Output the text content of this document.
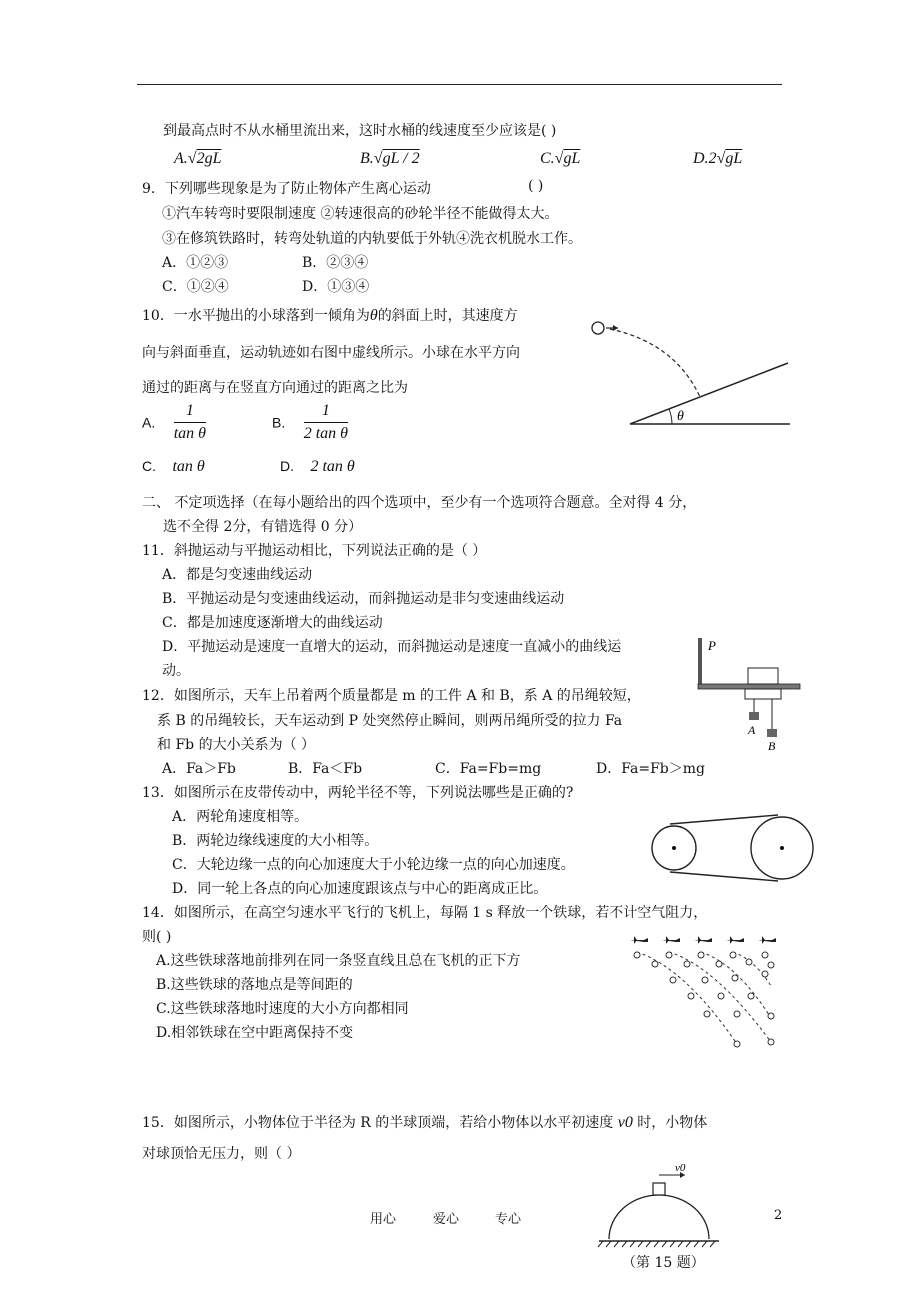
到最高点时不从水桶里流出来，这时水桶的线速度至少应该是( )
A.√2gL	B.√gL / 2	C.√gL	D.2√gL
9．下列哪些现象是为了防止物体产生离心运动	( )
①汽车转弯时要限制速度 ②转速很高的砂轮半径不能做得太大。
③在修筑铁路时，转弯处轨道的内轨要低于外轨④洗衣机脱水工作。
A．①②③	B．②③④
C．①②④	D．①③④
10．一水平抛出的小球落到一倾角为θ的斜面上时，其速度方
向与斜面垂直，运动轨迹如右图中虚线所示。小球在水平方向
通过的距离与在竖直方向通过的距离之比为
A. $\frac{1}{\text{tan θ}}$	B. $\frac{1}{\text{2 tan θ}}$
C. tan θ	D. 2 tan θ
θ
二、 不定项选择（在每小题给出的四个选项中，至少有一个选项符合题意。全对得 4 分，
选不全得 2分，有错选得 0 分）
11．斜抛运动与平抛运动相比，下列说法正确的是（ ）
A．都是匀变速曲线运动
B．平抛运动是匀变速曲线运动，而斜抛运动是非匀变速曲线运动
C．都是加速度逐渐增大的曲线运动
D．平抛运动是速度一直增大的运动，而斜抛运动是速度一直减小的曲线运
动。
12．如图所示，天车上吊着两个质量都是 m 的工件 A 和 B，系 A 的吊绳较短，
系 B 的吊绳较长，天车运动到 P 处突然停止瞬间，则两吊绳所受的拉力 Fa
和 Fb 的大小关系为（ ）
A．Fa＞Fb	B．Fa＜Fb	C．Fa=Fb=mg	D．Fa=Fb＞mg
P
A
B
13．如图所示在皮带传动中，两轮半径不等，下列说法哪些是正确的?
A．两轮角速度相等。
B．两轮边缘线速度的大小相等。
C．大轮边缘一点的向心加速度大于小轮边缘一点的向心加速度。
D．同一轮上各点的向心加速度跟该点与中心的距离成正比。
14．如图所示，在高空匀速水平飞行的飞机上，每隔 1 s 释放一个铁球，若不计空气阻力，
则( )
A.这些铁球落地前排列在同一条竖直线且总在飞机的正下方
B.这些铁球的落地点是等间距的
C.这些铁球落地时速度的大小方向都相同
D.相邻铁球在空中距离保持不变
15．如图所示，小物体位于半径为 R 的半球顶端，若给小物体以水平初速度 v0 时，小物体
对球顶恰无压力，则（ ）
v0
（第 15 题）
用心	爱心	专心	2
